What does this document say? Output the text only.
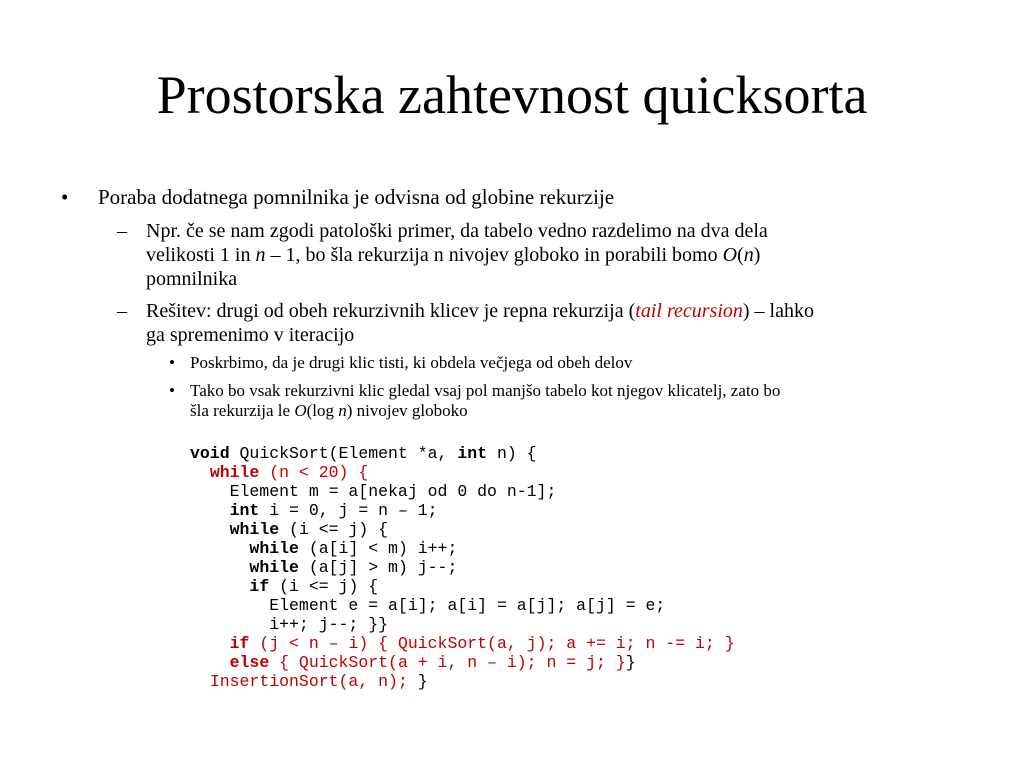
Prostorska zahtevnost quicksorta
• Poraba dodatnega pomnilnika je odvisna od globine rekurzije
– Npr. če se nam zgodi patološki primer, da tabelo vedno razdelimo na dva dela
velikosti 1 in n – 1, bo šla rekurzija n nivojev globoko in porabili bomo O(n)
pomnilnika
– Rešitev: drugi od obeh rekurzivnih klicev je repna rekurzija (tail recursion) – lahko
ga spremenimo v iteracijo
• Poskrbimo, da je drugi klic tisti, ki obdela večjega od obeh delov
• Tako bo vsak rekurzivni klic gledal vsaj pol manjšo tabelo kot njegov klicatelj, zato bo
šla rekurzija le O(log n) nivojev globoko
void QuickSort(Element *a, int n) {
while (n < 20) {
Element m = a[nekaj od 0 do n-1];
int i = 0, j = n – 1;
while (i <= j) {
while (a[i] < m) i++;
while (a[j] > m) j--;
if (i <= j) {
Element e = a[i]; a[i] = a[j]; a[j] = e;
i++; j--; }}
if (j < n – i) { QuickSort(a, j); a += i; n -= i; }
else { QuickSort(a + i, n – i); n = j; }}
InsertionSort(a, n); }
